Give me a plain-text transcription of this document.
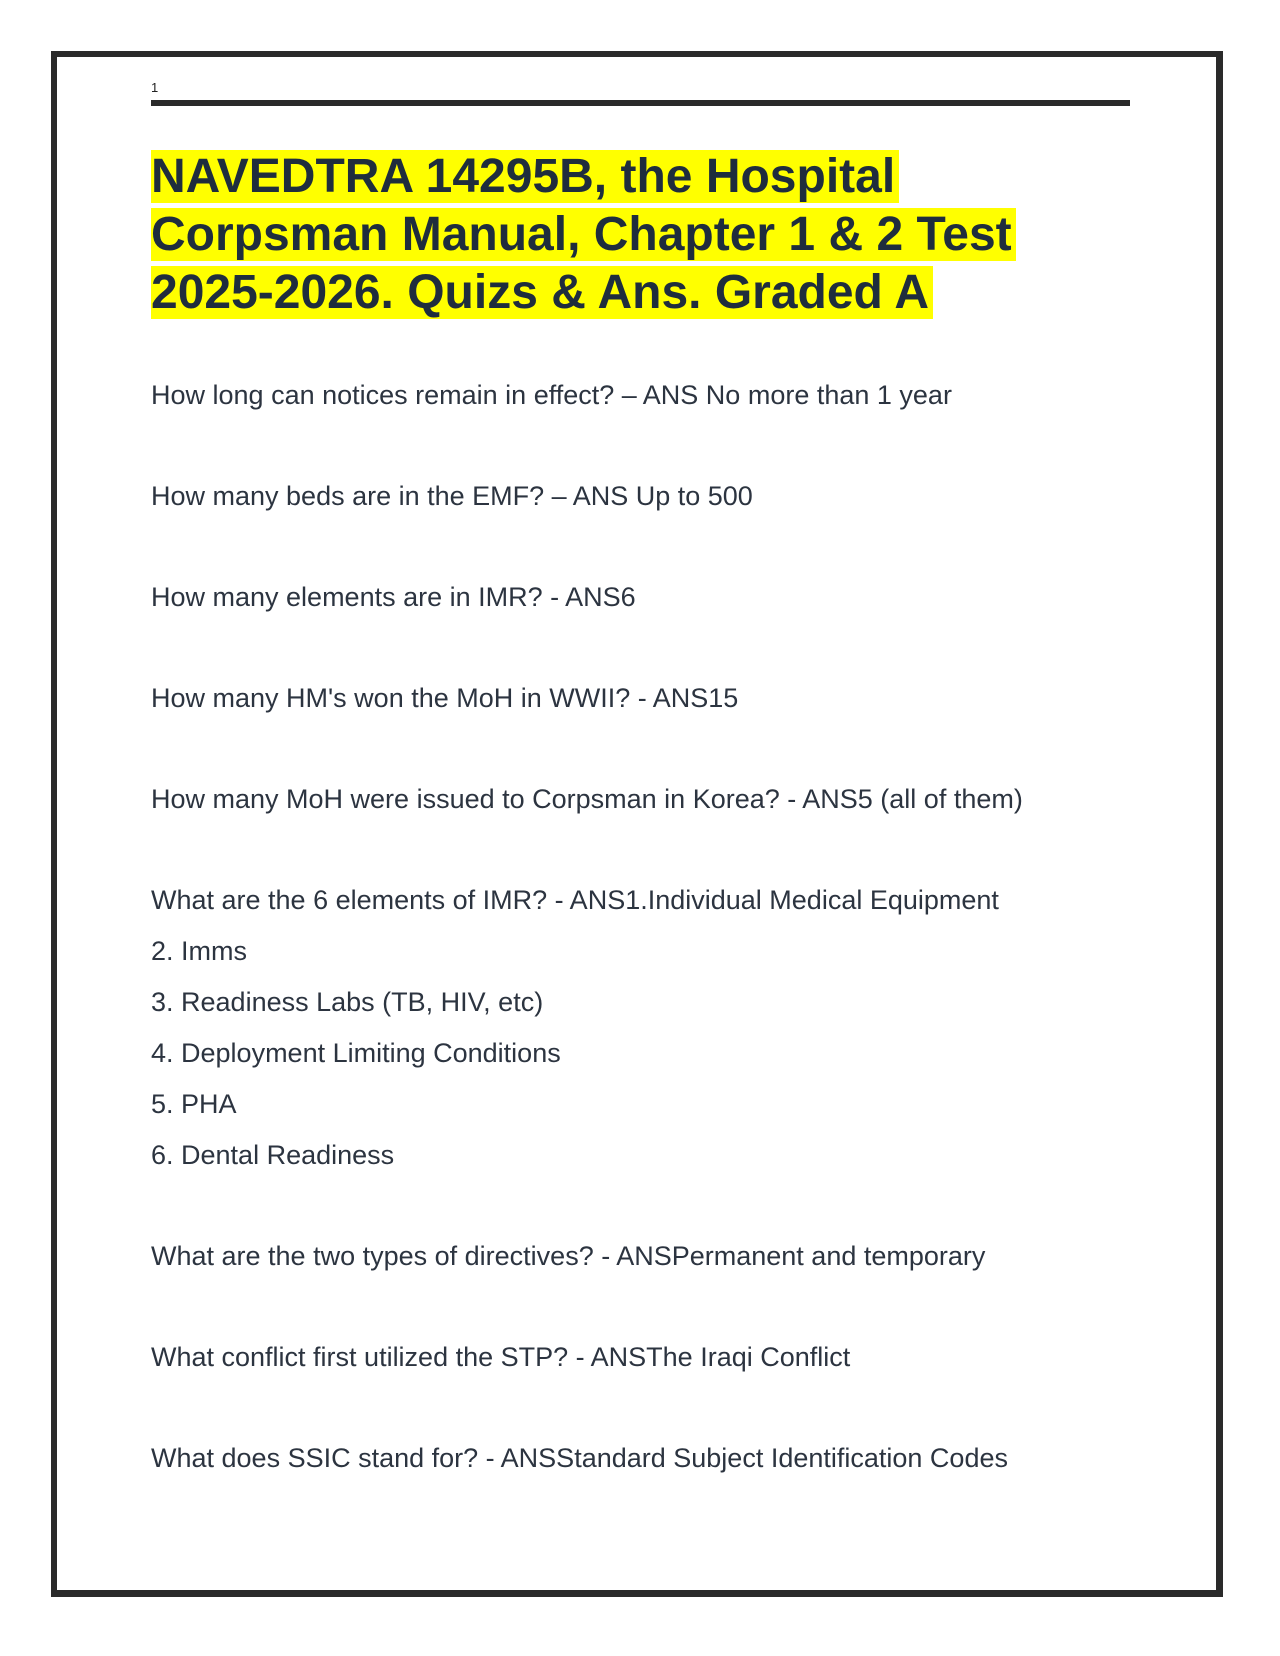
1
NAVEDTRA 14295B, the Hospital
Corpsman Manual, Chapter 1 & 2 Test
2025-2026. Quizs & Ans. Graded A

How long can notices remain in effect? – ANS No more than 1 year

How many beds are in the EMF? – ANS Up to 500

How many elements are in IMR? - ANS6

How many HM's won the MoH in WWII? - ANS15

How many MoH were issued to Corpsman in Korea? - ANS5 (all of them)

What are the 6 elements of IMR? - ANS1.Individual Medical Equipment
2. Imms
3. Readiness Labs (TB, HIV, etc)
4. Deployment Limiting Conditions
5. PHA
6. Dental Readiness

What are the two types of directives? - ANSPermanent and temporary

What conflict first utilized the STP? - ANSThe Iraqi Conflict

What does SSIC stand for? - ANSStandard Subject Identification Codes
